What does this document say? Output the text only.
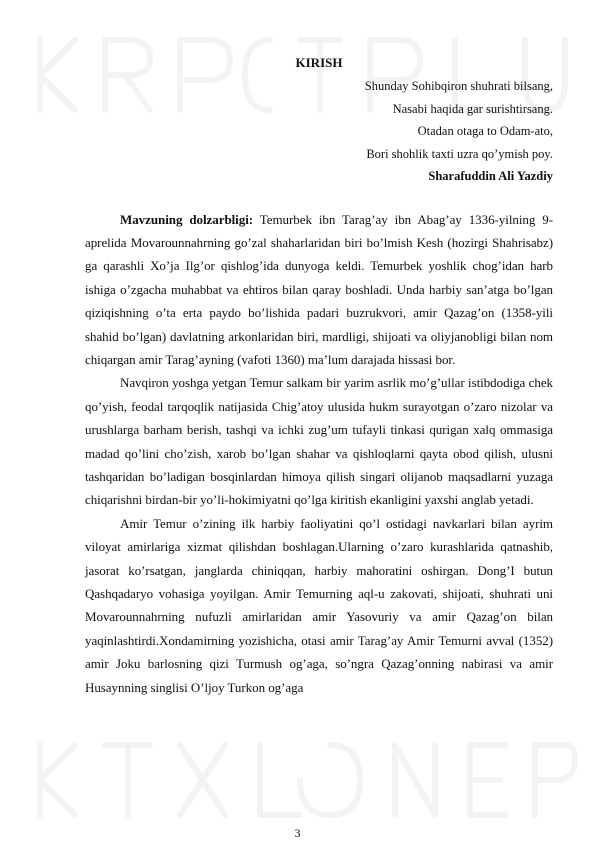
KIRISH

Shunday Sohibqiron shuhrati bilsang,

Nasabi haqida gar surishtirsang.

Otadan otaga to Odam-ato,

Bori shohlik taxti uzra qo’ymish poy.

Sharafuddin Ali Yazdiy

Mavzuning dolzarbligi: Temurbek ibn Tarag’ay ibn Abag’ay 1336-yilning 9-aprelida Movarounnahrning go’zal shaharlaridan biri bo’lmish Kesh (hozirgi Shahrisabz) ga qarashli Xo’ja Ilg’or qishlog’ida dunyoga keldi. Temurbek yoshlik chog’idan harb ishiga o’zgacha muhabbat va ehtiros bilan qaray boshladi. Unda harbiy san’atga bo’lgan qiziqishning o’ta erta paydo bo’lishida padari buzrukvori, amir Qazag’on (1358-yili shahid bo’lgan) davlatning arkonlaridan biri, mardligi, shijoati va oliyjanobligi bilan nom chiqargan amir Tarag’ayning (vafoti 1360) ma’lum darajada hissasi bor.

Navqiron yoshga yetgan Temur salkam bir yarim asrlik mo’g’ullar istibdodiga chek qo’yish, feodal tarqoqlik natijasida Chig’atoy ulusida hukm surayotgan o’zaro nizolar va urushlarga barham berish, tashqi va ichki zug’um tufayli tinkasi qurigan xalq ommasiga madad qo’lini cho’zish, xarob bo’lgan shahar va qishloqlarni qayta obod qilish, ulusni tashqaridan bo’ladigan bosqinlardan himoya qilish singari olijanob maqsadlarni yuzaga chiqarishni birdan-bir yo’li-hokimiyatni qo’lga kiritish ekanligini yaxshi anglab yetadi.

Amir Temur o’zining ilk harbiy faoliyatini qo’l ostidagi navkarlari bilan ayrim viloyat amirlariga xizmat qilishdan boshlagan.Ularning o’zaro kurashlarida qatnashib, jasorat ko’rsatgan, janglarda chiniqqan, harbiy mahoratini oshirgan. Dong’I butun Qashqadaryo vohasiga yoyilgan. Amir Temurning aql-u zakovati, shijoati, shuhrati uni Movarounnahrning nufuzli amirlaridan amir Yasovuriy va amir Qazag’on bilan yaqinlashtirdi.Xondamirning yozishicha, otasi amir Tarag’ay Amir Temurni avval (1352) amir Joku barlosning qizi Turmush og’aga, so’ngra Qazag’onning nabirasi va amir Husaynning singlisi O’ljoy Turkon og’aga

3
